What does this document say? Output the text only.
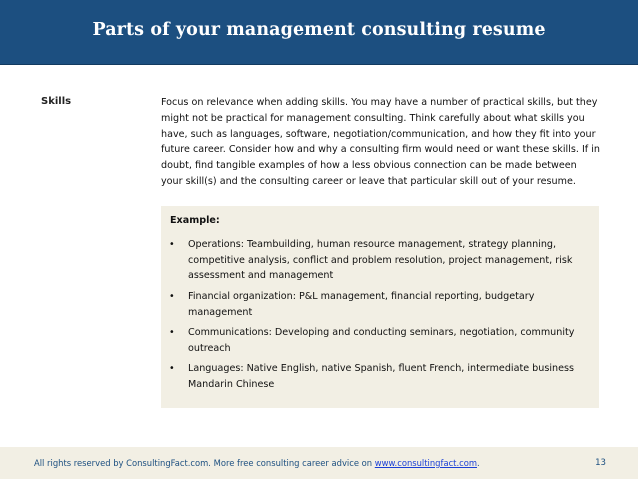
Parts of your management consulting resume
Skills	Focus on relevance when adding skills. You may have a number of practical skills, but they might not be practical for management consulting. Think carefully about what skills you have, such as languages, software, negotiation/communication, and how they fit into your future career. Consider how and why a consulting firm would need or want these skills. If in doubt, find tangible examples of how a less obvious connection can be made between your skill(s) and the consulting career or leave that particular skill out of your resume.
Example:
• Operations: Teambuilding, human resource management, strategy planning, competitive analysis, conflict and problem resolution, project management, risk assessment and management
• Financial organization: P&L management, financial reporting, budgetary management
• Communications: Developing and conducting seminars, negotiation, community outreach
• Languages: Native English, native Spanish, fluent French, intermediate business Mandarin Chinese
All rights reserved by ConsultingFact.com. More free consulting career advice on www.consultingfact.com.	13
